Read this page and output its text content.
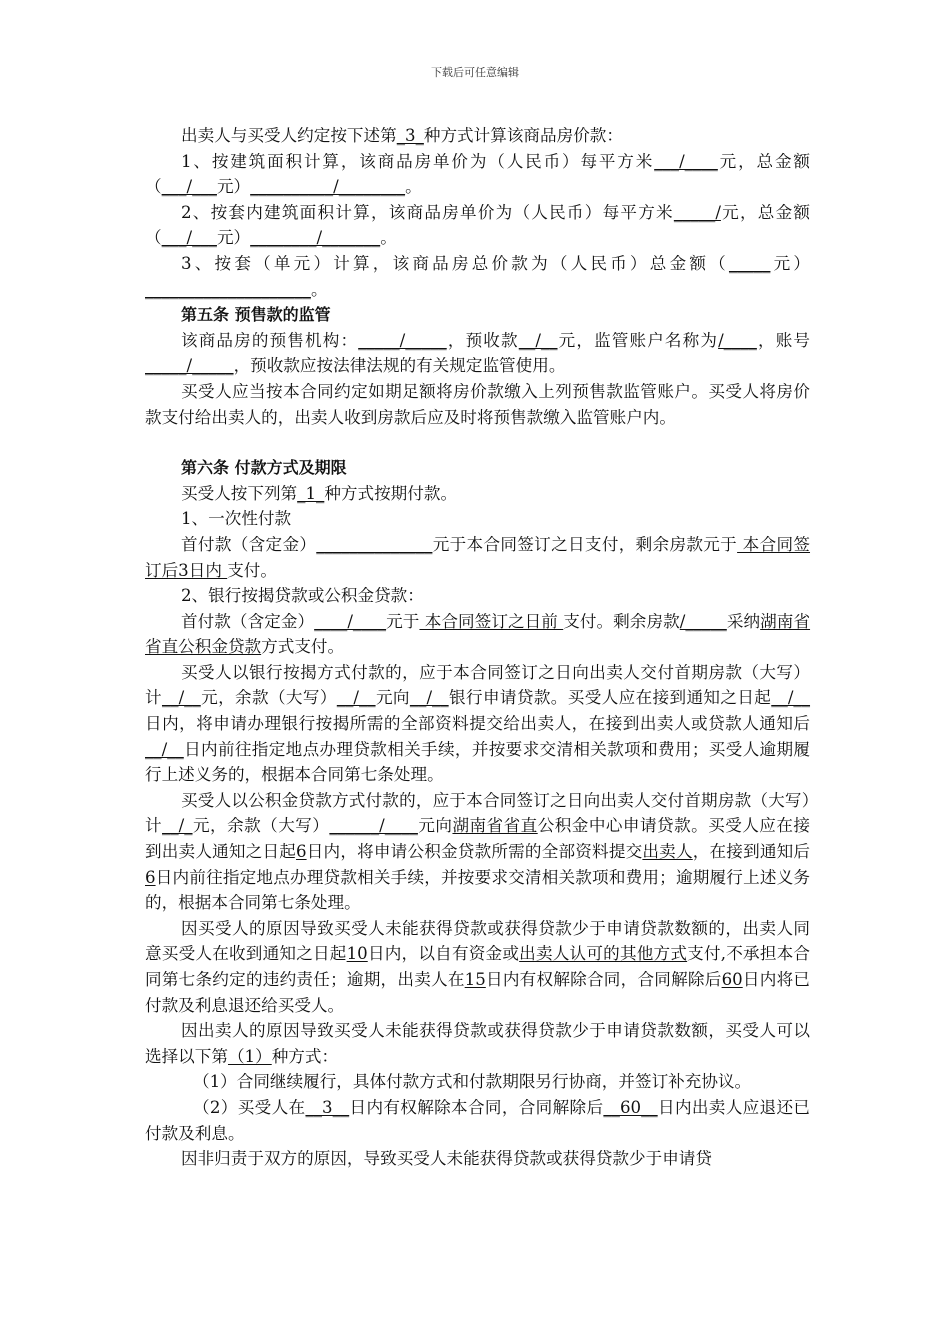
下载后可任意编辑

出卖人与买受人约定按下述第_3_种方式计算该商品房价款：

1、按建筑面积计算，该商品房单价为（人民币）每平方米___/____元，总金额（___/___元）__________/________。

2、按套内建筑面积计算，该商品房单价为（人民币）每平方米_____/元，总金额（___/___元）________/_______。

3、按套（单元）计算，该商品房总价款为（人民币）总金额（_____元）____________________。

第五条 预售款的监管

该商品房的预售机构：_____/_____，预收款__/__元，监管账户名称为/____，账号_____/_____，预收款应按法律法规的有关规定监管使用。

买受人应当按本合同约定如期足额将房价款缴入上列预售款监管账户。买受人将房价款支付给出卖人的，出卖人收到房款后应及时将预售款缴入监管账户内。

第六条 付款方式及期限

买受人按下列第_1_种方式按期付款。

1、一次性付款

首付款（含定金）______________元于本合同签订之日支付，剩余房款元于 本合同签订后3日内 支付。

2、银行按揭贷款或公积金贷款：

首付款（含定金）____/____元于 本合同签订之日前 支付。剩余房款/_____采纳湖南省省直公积金贷款方式支付。

买受人以银行按揭方式付款的，应于本合同签订之日向出卖人交付首期房款（大写）计__/__元，余款（大写）__/__元向__/__银行申请贷款。买受人应在接到通知之日起__/__日内，将申请办理银行按揭所需的全部资料提交给出卖人，在接到出卖人或贷款人通知后__/__日内前往指定地点办理贷款相关手续，并按要求交清相关款项和费用；买受人逾期履行上述义务的，根据本合同第七条处理。

买受人以公积金贷款方式付款的，应于本合同签订之日向出卖人交付首期房款（大写）计__/_元，余款（大写）______/____元向湖南省省直公积金中心申请贷款。买受人应在接到出卖人通知之日起6日内，将申请公积金贷款所需的全部资料提交出卖人，在接到通知后6日内前往指定地点办理贷款相关手续，并按要求交清相关款项和费用；逾期履行上述义务的，根据本合同第七条处理。

因买受人的原因导致买受人未能获得贷款或获得贷款少于申请贷款数额的，出卖人同意买受人在收到通知之日起10日内，以自有资金或出卖人认可的其他方式支付,不承担本合同第七条约定的违约责任；逾期，出卖人在15日内有权解除合同，合同解除后60日内将已付款及利息退还给买受人。

因出卖人的原因导致买受人未能获得贷款或获得贷款少于申请贷款数额，买受人可以选择以下第（1）种方式：

（1）合同继续履行，具体付款方式和付款期限另行协商，并签订补充协议。

（2）买受人在__3__日内有权解除本合同，合同解除后__60__日内出卖人应退还已付款及利息。

因非归责于双方的原因，导致买受人未能获得贷款或获得贷款少于申请贷
